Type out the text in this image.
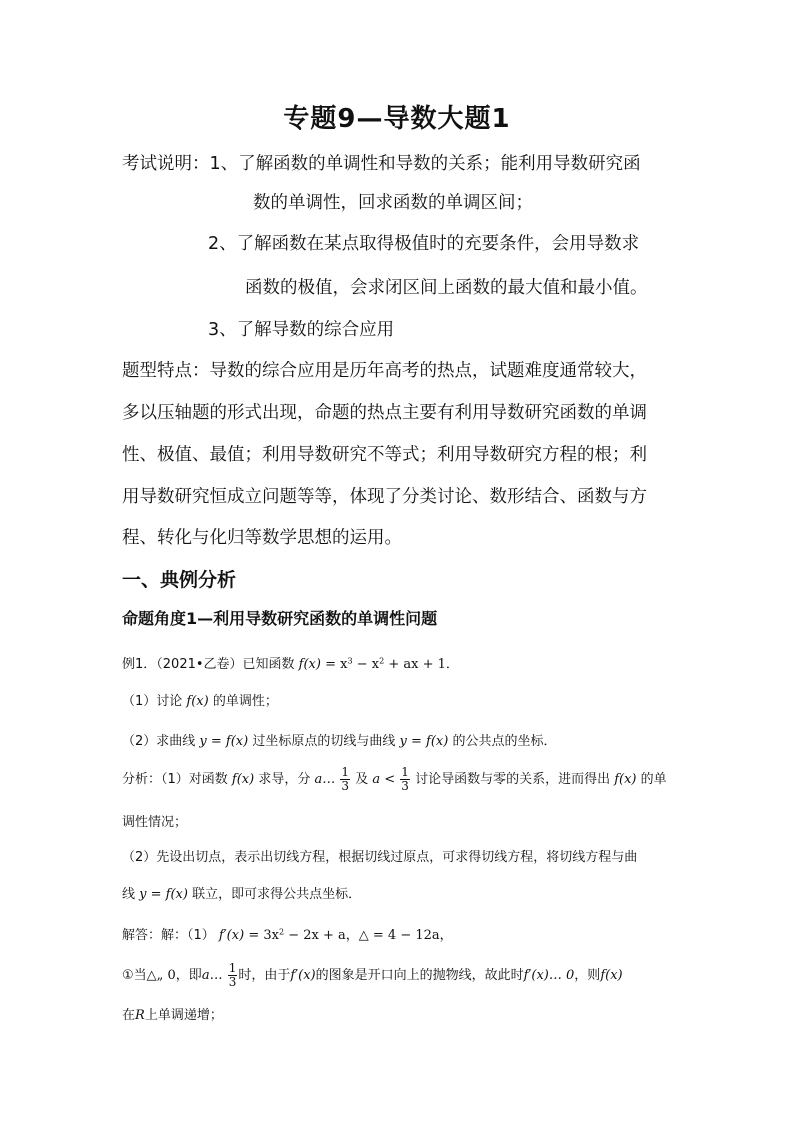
专题9—导数大题1
考试说明：1、了解函数的单调性和导数的关系；能利用导数研究函
数的单调性，回求函数的单调区间；
2、了解函数在某点取得极值时的充要条件，会用导数求
函数的极值，会求闭区间上函数的最大值和最小值。
3、了解导数的综合应用
题型特点：导数的综合应用是历年高考的热点，试题难度通常较大，
多以压轴题的形式出现，命题的热点主要有利用导数研究函数的单调
性、极值、最值；利用导数研究不等式；利用导数研究方程的根；利
用导数研究恒成立问题等等，体现了分类讨论、数形结合、函数与方
程、转化与化归等数学思想的运用。
一、典例分析
命题角度1—利用导数研究函数的单调性问题
例1．（2021•乙卷）已知函数 $f(x) = x^3 - x^2$ + ax + 1．
（1）讨论 f(x) 的单调性；
（2）求曲线 y = f(x) 过坐标原点的切线与曲线 y = f(x) 的公共点的坐标．
分析：（1）对函数 f(x) 求导，分 a… $\frac{1}{3}$ 及 $a < \frac{1}{3}$ 讨论导函数与零的关系，进而得出 f(x) 的单
调性情况；
（2）先设出切点，表示出切线方程，根据切线过原点，可求得切线方程，将切线方程与曲
线 y = f(x) 联立，即可求得公共点坐标．
解答：解：（1） $f'(x) = 3x^2 - 2x + a$，△ = 4 − 12a，
①当△„ 0，即a… $\frac{1}{3}$ 时，由于f′(x)的图象是开口向上的抛物线，故此时f′(x)… 0，则f(x)
在R上单调递增；
